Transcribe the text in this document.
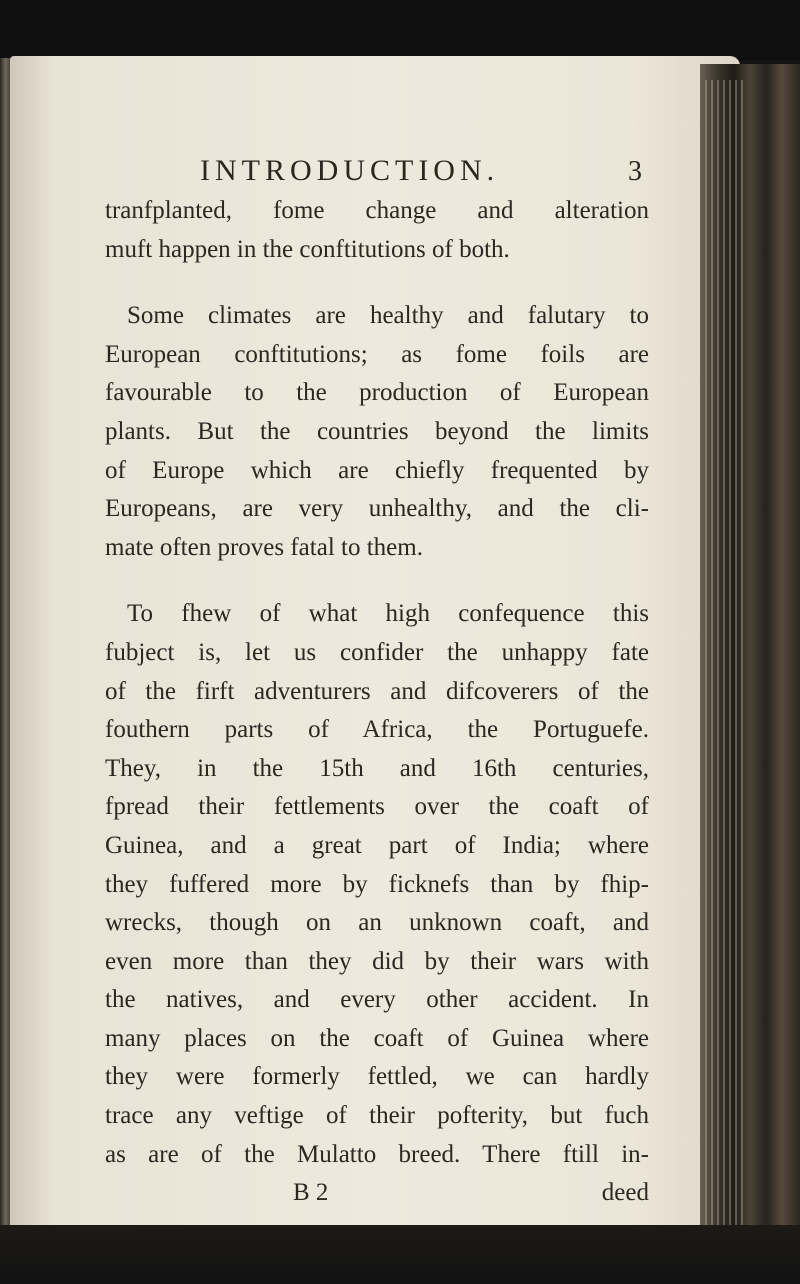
INTRODUCTION.	3
tranfplanted, fome change and alteration
muft happen in the conftitutions of both.
Some climates are healthy and falutary to
European conftitutions; as fome foils are
favourable to the production of European
plants. But the countries beyond the limits
of Europe which are chiefly frequented by
Europeans, are very unhealthy, and the cli-
mate often proves fatal to them.
To fhew of what high confequence this
fubject is, let us confider the unhappy fate
of the firft adventurers and difcoverers of the
fouthern parts of Africa, the Portuguefe.
They, in the 15th and 16th centuries,
fpread their fettlements over the coaft of
Guinea, and a great part of India; where
they fuffered more by ficknefs than by fhip-
wrecks, though on an unknown coaft, and
even more than they did by their wars with
the natives, and every other accident. In
many places on the coaft of Guinea where
they were formerly fettled, we can hardly
trace any veftige of their pofterity, but fuch
as are of the Mulatto breed. There ftill in-
B 2	deed
